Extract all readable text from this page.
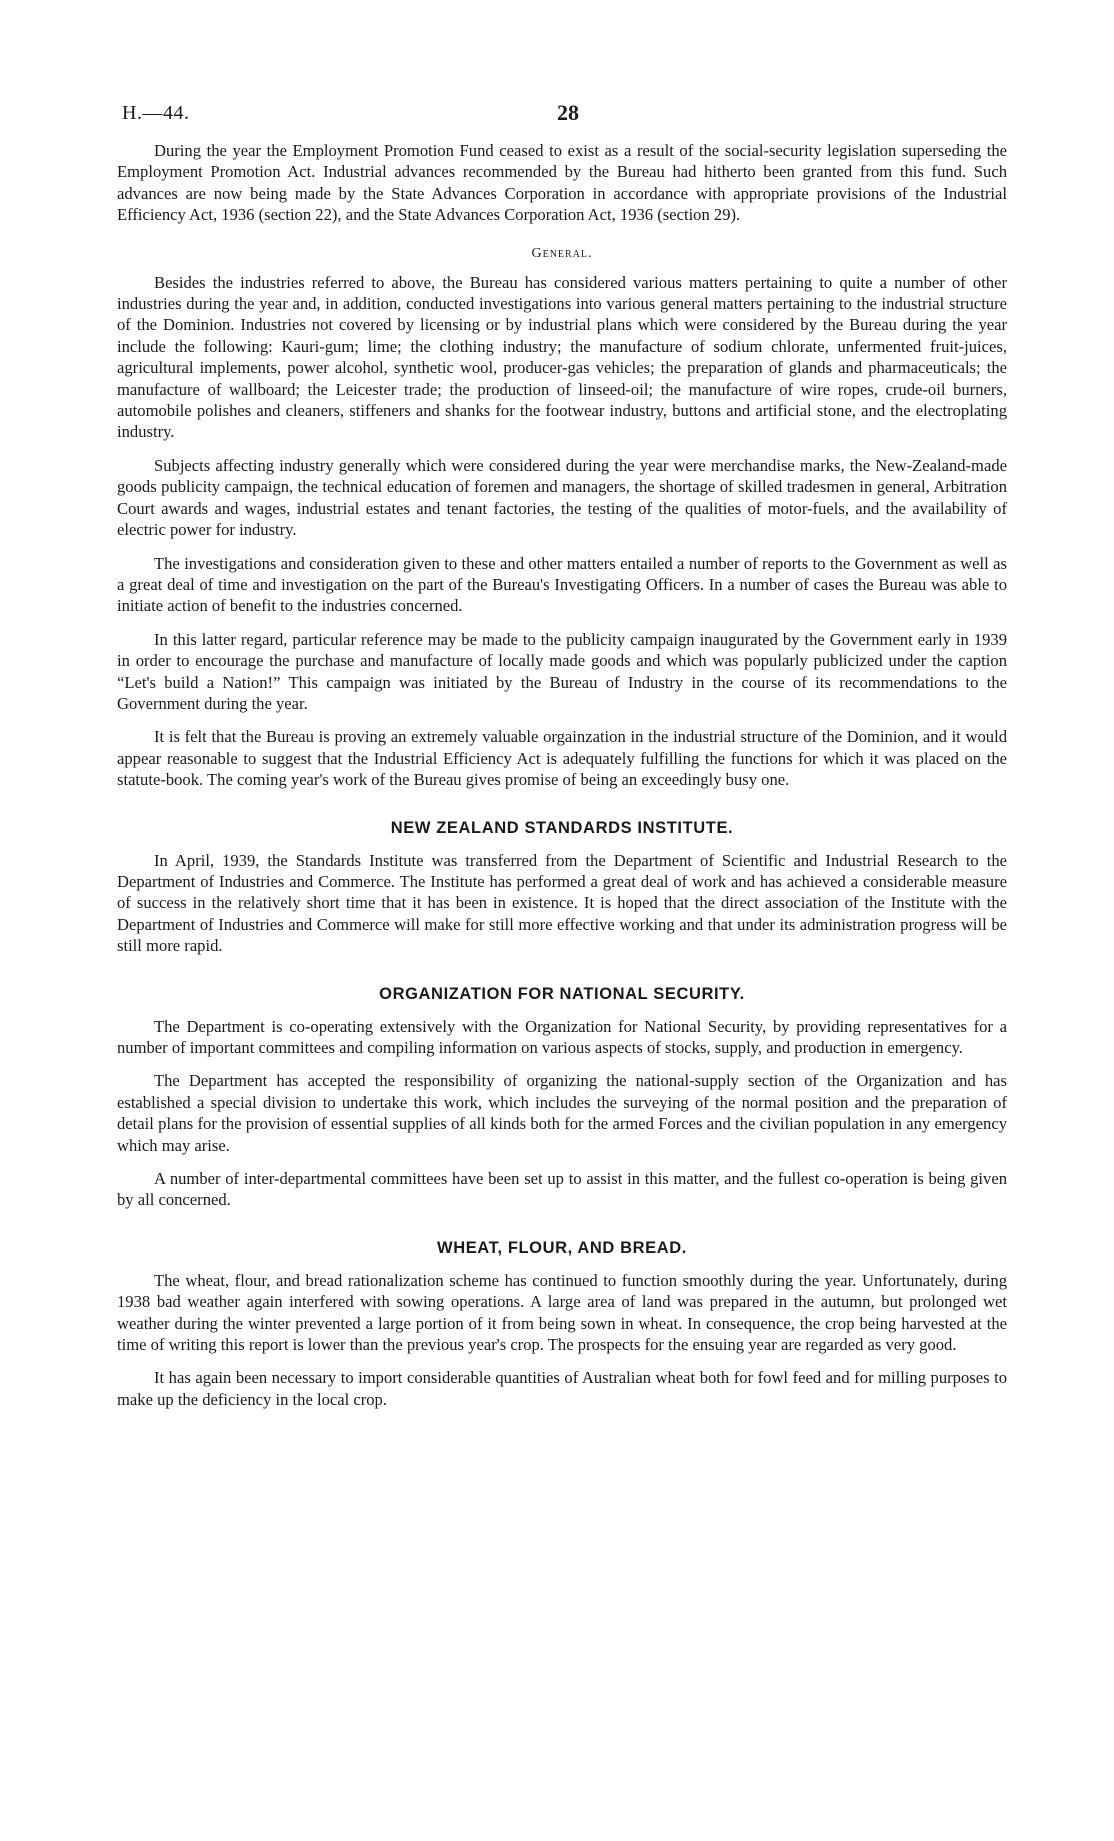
H.—44.	28

During the year the Employment Promotion Fund ceased to exist as a result of the social-security legislation superseding the Employment Promotion Act. Industrial advances recommended by the Bureau had hitherto been granted from this fund. Such advances are now being made by the State Advances Corporation in accordance with appropriate provisions of the Industrial Efficiency Act, 1936 (section 22), and the State Advances Corporation Act, 1936 (section 29).

General.

Besides the industries referred to above, the Bureau has considered various matters pertaining to quite a number of other industries during the year and, in addition, conducted investigations into various general matters pertaining to the industrial structure of the Dominion. Industries not covered by licensing or by industrial plans which were considered by the Bureau during the year include the following: Kauri-gum; lime; the clothing industry; the manufacture of sodium chlorate, unfermented fruit-juices, agricultural implements, power alcohol, synthetic wool, producer-gas vehicles; the preparation of glands and pharmaceuticals; the manufacture of wallboard; the Leicester trade; the production of linseed-oil; the manufacture of wire ropes, crude-oil burners, automobile polishes and cleaners, stiffeners and shanks for the footwear industry, buttons and artificial stone, and the electroplating industry.

Subjects affecting industry generally which were considered during the year were merchandise marks, the New-Zealand-made goods publicity campaign, the technical education of foremen and managers, the shortage of skilled tradesmen in general, Arbitration Court awards and wages, industrial estates and tenant factories, the testing of the qualities of motor-fuels, and the availability of electric power for industry.

The investigations and consideration given to these and other matters entailed a number of reports to the Government as well as a great deal of time and investigation on the part of the Bureau's Investigating Officers. In a number of cases the Bureau was able to initiate action of benefit to the industries concerned.

In this latter regard, particular reference may be made to the publicity campaign inaugurated by the Government early in 1939 in order to encourage the purchase and manufacture of locally made goods and which was popularly publicized under the caption “Let's build a Nation!” This campaign was initiated by the Bureau of Industry in the course of its recommendations to the Government during the year.

It is felt that the Bureau is proving an extremely valuable orgainzation in the industrial structure of the Dominion, and it would appear reasonable to suggest that the Industrial Efficiency Act is adequately fulfilling the functions for which it was placed on the statute-book. The coming year's work of the Bureau gives promise of being an exceedingly busy one.

NEW ZEALAND STANDARDS INSTITUTE.

In April, 1939, the Standards Institute was transferred from the Department of Scientific and Industrial Research to the Department of Industries and Commerce. The Institute has performed a great deal of work and has achieved a considerable measure of success in the relatively short time that it has been in existence. It is hoped that the direct association of the Institute with the Department of Industries and Commerce will make for still more effective working and that under its administration progress will be still more rapid.

ORGANIZATION FOR NATIONAL SECURITY.

The Department is co-operating extensively with the Organization for National Security, by providing representatives for a number of important committees and compiling information on various aspects of stocks, supply, and production in emergency.

The Department has accepted the responsibility of organizing the national-supply section of the Organization and has established a special division to undertake this work, which includes the surveying of the normal position and the preparation of detail plans for the provision of essential supplies of all kinds both for the armed Forces and the civilian population in any emergency which may arise.

A number of inter-departmental committees have been set up to assist in this matter, and the fullest co-operation is being given by all concerned.

WHEAT, FLOUR, AND BREAD.

The wheat, flour, and bread rationalization scheme has continued to function smoothly during the year. Unfortunately, during 1938 bad weather again interfered with sowing operations. A large area of land was prepared in the autumn, but prolonged wet weather during the winter prevented a large portion of it from being sown in wheat. In consequence, the crop being harvested at the time of writing this report is lower than the previous year's crop. The prospects for the ensuing year are regarded as very good.

It has again been necessary to import considerable quantities of Australian wheat both for fowl feed and for milling purposes to make up the deficiency in the local crop.
